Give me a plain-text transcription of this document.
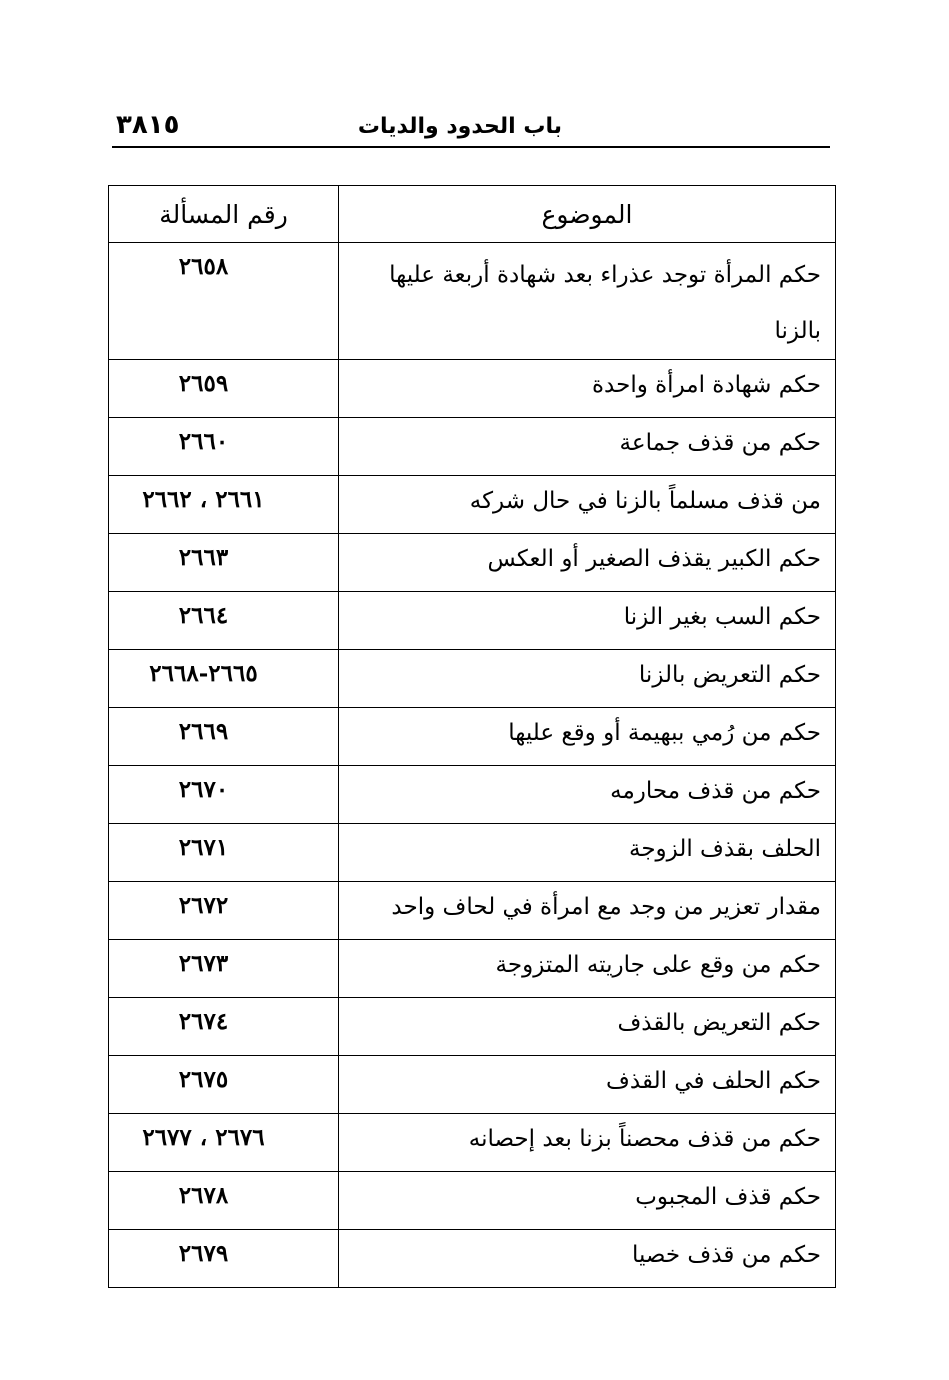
٣٨١٥	باب الحدود والديات
الموضوع	رقم المسألة
حكم المرأة توجد عذراء بعد شهادة أربعة عليها بالزنا	٢٦٥٨
حكم شهادة امرأة واحدة	٢٦٥٩
حكم من قذف جماعة	٢٦٦٠
من قذف مسلماً بالزنا في حال شركه	٢٦٦١ ، ٢٦٦٢
حكم الكبير يقذف الصغير أو العكس	٢٦٦٣
حكم السب بغير الزنا	٢٦٦٤
حكم التعريض بالزنا	٢٦٦٥-٢٦٦٨
حكم من رُمي ببهيمة أو وقع عليها	٢٦٦٩
حكم من قذف محارمه	٢٦٧٠
الحلف بقذف الزوجة	٢٦٧١
مقدار تعزير من وجد مع امرأة في لحاف واحد	٢٦٧٢
حكم من وقع على جاريته المتزوجة	٢٦٧٣
حكم التعريض بالقذف	٢٦٧٤
حكم الحلف في القذف	٢٦٧٥
حكم من قذف محصناً بزنا بعد إحصانه	٢٦٧٦ ، ٢٦٧٧
حكم قذف المجبوب	٢٦٧٨
حكم من قذف خصيا	٢٦٧٩
